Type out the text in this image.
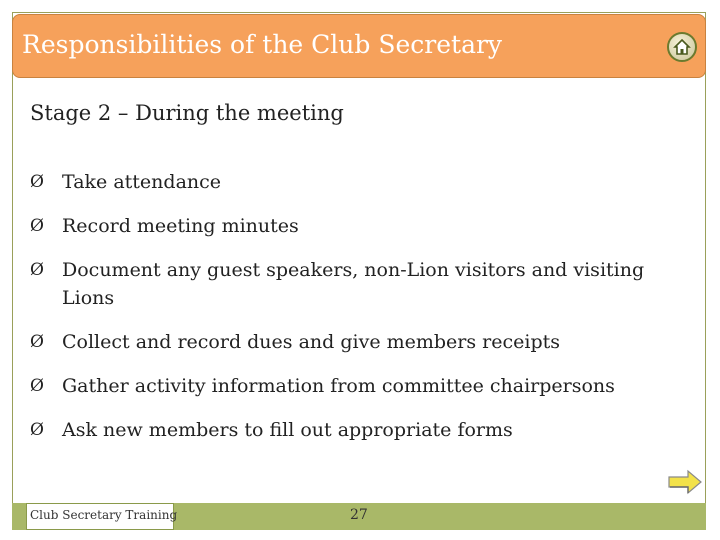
Responsibilities of the Club Secretary
Stage 2 – During the meeting
Ø Take attendance
Ø Record meeting minutes
Ø Document any guest speakers, non-Lion visitors and visiting Lions
Ø Collect and record dues and give members receipts
Ø Gather activity information from committee chairpersons
Ø Ask new members to fill out appropriate forms
Club Secretary Training	27
